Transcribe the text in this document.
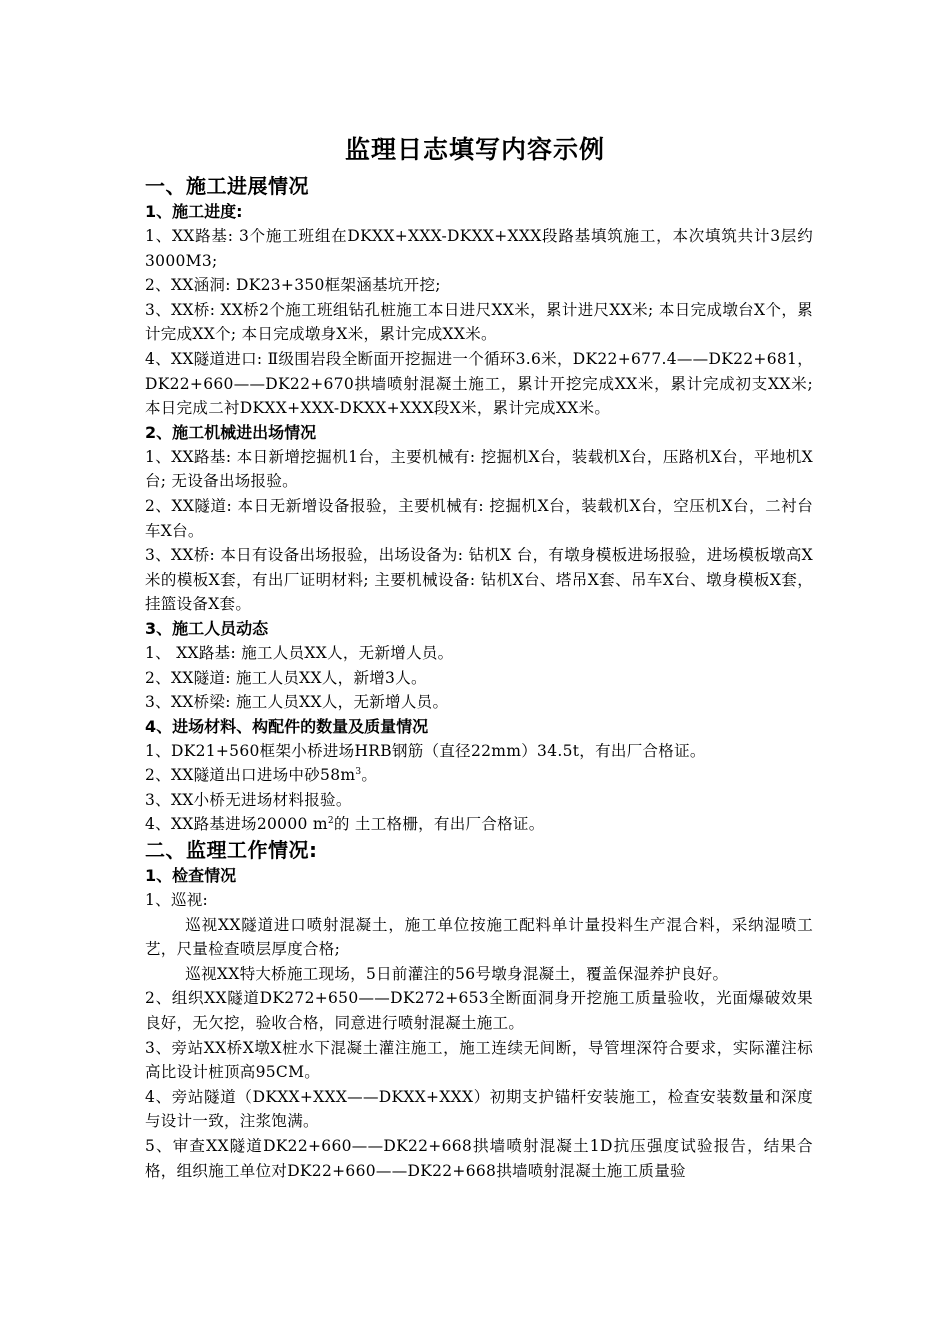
监理日志填写内容示例
一、施工进展情况
1、施工进度:

1、XX路基: 3个施工班组在DKXX+XXX-DKXX+XXX段路基填筑施工，本次填筑共计3层约3000M3;

2、XX涵洞: DK23+350框架涵基坑开挖;

3、XX桥: XX桥2个施工班组钻孔桩施工本日进尺XX米，累计进尺XX米; 本日完成墩台X个，累计完成XX个; 本日完成墩身X米，累计完成XX米。

4、XX隧道进口: Ⅱ级围岩段全断面开挖掘进一个循环3.6米，DK22+677.4——DK22+681，DK22+660——DK22+670拱墙喷射混凝土施工，累计开挖完成XX米，累计完成初支XX米; 本日完成二衬DKXX+XXX-DKXX+XXX段X米，累计完成XX米。

2、施工机械进出场情况

1、XX路基: 本日新增挖掘机1台，主要机械有: 挖掘机X台，装载机X台，压路机X台，平地机X 台; 无设备出场报验。

2、XX隧道: 本日无新增设备报验，主要机械有: 挖掘机X台，装载机X台，空压机X台，二衬台车X台。

3、XX桥: 本日有设备出场报验，出场设备为: 钻机X 台，有墩身模板进场报验，进场模板墩高X米的模板X套，有出厂证明材料; 主要机械设备: 钻机X台、塔吊X套、吊车X台、墩身模板X套，挂篮设备X套。

3、施工人员动态

1、 XX路基: 施工人员XX人，无新增人员。

2、XX隧道: 施工人员XX人，新增3人。

3、XX桥梁: 施工人员XX人，无新增人员。

4、进场材料、构配件的数量及质量情况

1、DK21+560框架小桥进场HRB钢筋（直径22mm）34.5t，有出厂合格证。

2、XX隧道出口进场中砂$58m^3$。

3、XX小桥无进场材料报验。

4、XX路基进场20000 $m^2$的 土工格栅，有出厂合格证。

二、监理工作情况:
1、检查情况

1、巡视:

巡视XX隧道进口喷射混凝土，施工单位按施工配料单计量投料生产混合料，采纳湿喷工艺，尺量检查喷层厚度合格;

巡视XX特大桥施工现场，5日前灌注的56号墩身混凝土，覆盖保湿养护良好。

2、组织XX隧道DK272+650——DK272+653全断面洞身开挖施工质量验收，光面爆破效果良好，无欠挖，验收合格，同意进行喷射混凝土施工。

3、旁站XX桥X墩X桩水下混凝土灌注施工，施工连续无间断，导管埋深符合要求，实际灌注标高比设计桩顶高95CM。

4、旁站隧道（DKXX+XXX——DKXX+XXX）初期支护锚杆安装施工，检查安装数量和深度与设计一致，注浆饱满。

5、审查XX隧道DK22+660——DK22+668拱墙喷射混凝土1D抗压强度试验报告，结果合格，组织施工单位对DK22+660——DK22+668拱墙喷射混凝土施工质量验
